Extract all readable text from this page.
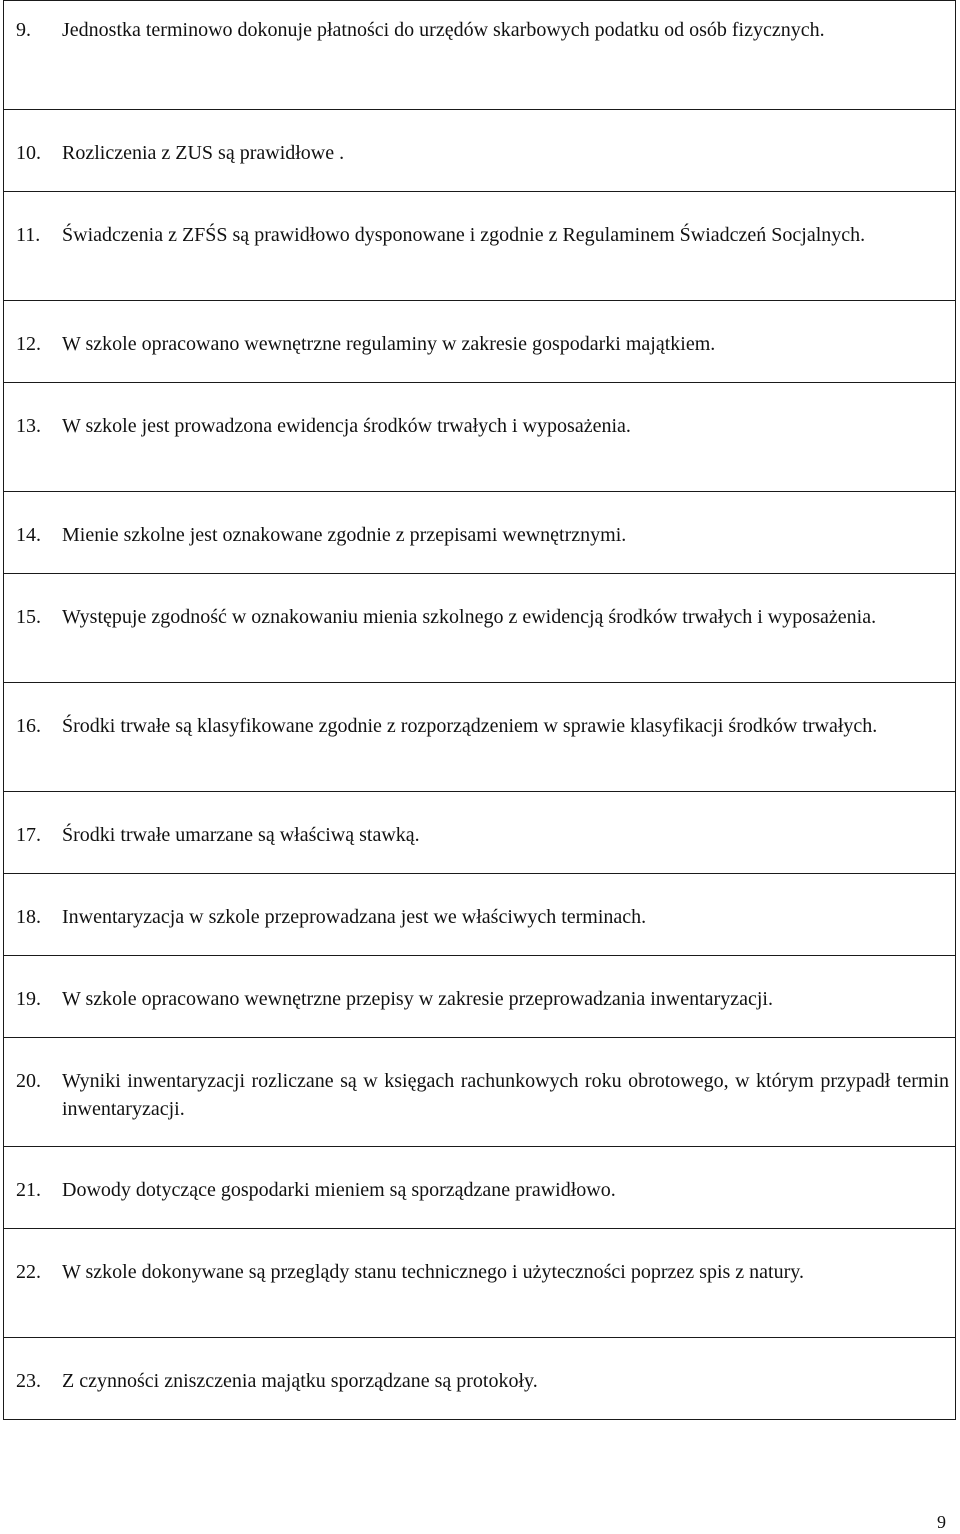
9.	Jednostka terminowo dokonuje płatności do urzędów skarbowych podatku od osób fizycznych.

10.	Rozliczenia z ZUS są prawidłowe .

11.	Świadczenia z ZFŚS są prawidłowo dysponowane i zgodnie z Regulaminem Świadczeń Socjalnych.

12.	W szkole opracowano wewnętrzne regulaminy w zakresie gospodarki majątkiem.

13.	W szkole jest prowadzona ewidencja środków trwałych i wyposażenia.

14.	Mienie szkolne jest oznakowane zgodnie z przepisami wewnętrznymi.

15.	Występuje zgodność w oznakowaniu mienia szkolnego z ewidencją środków trwałych i wyposażenia.

16.	Środki trwałe są klasyfikowane zgodnie z rozporządzeniem w sprawie klasyfikacji środków trwałych.

17.	Środki trwałe umarzane są właściwą stawką.

18.	Inwentaryzacja w szkole przeprowadzana jest we właściwych terminach.

19.	W szkole opracowano wewnętrzne przepisy w zakresie przeprowadzania inwentaryzacji.

20.	Wyniki inwentaryzacji rozliczane są w księgach rachunkowych roku obrotowego, w którym przypadł termin inwentaryzacji.

21.	Dowody dotyczące gospodarki mieniem są sporządzane prawidłowo.

22.	W szkole dokonywane są przeglądy stanu technicznego i użyteczności poprzez spis z natury.

23.	Z czynności zniszczenia majątku sporządzane są protokoły.
9
